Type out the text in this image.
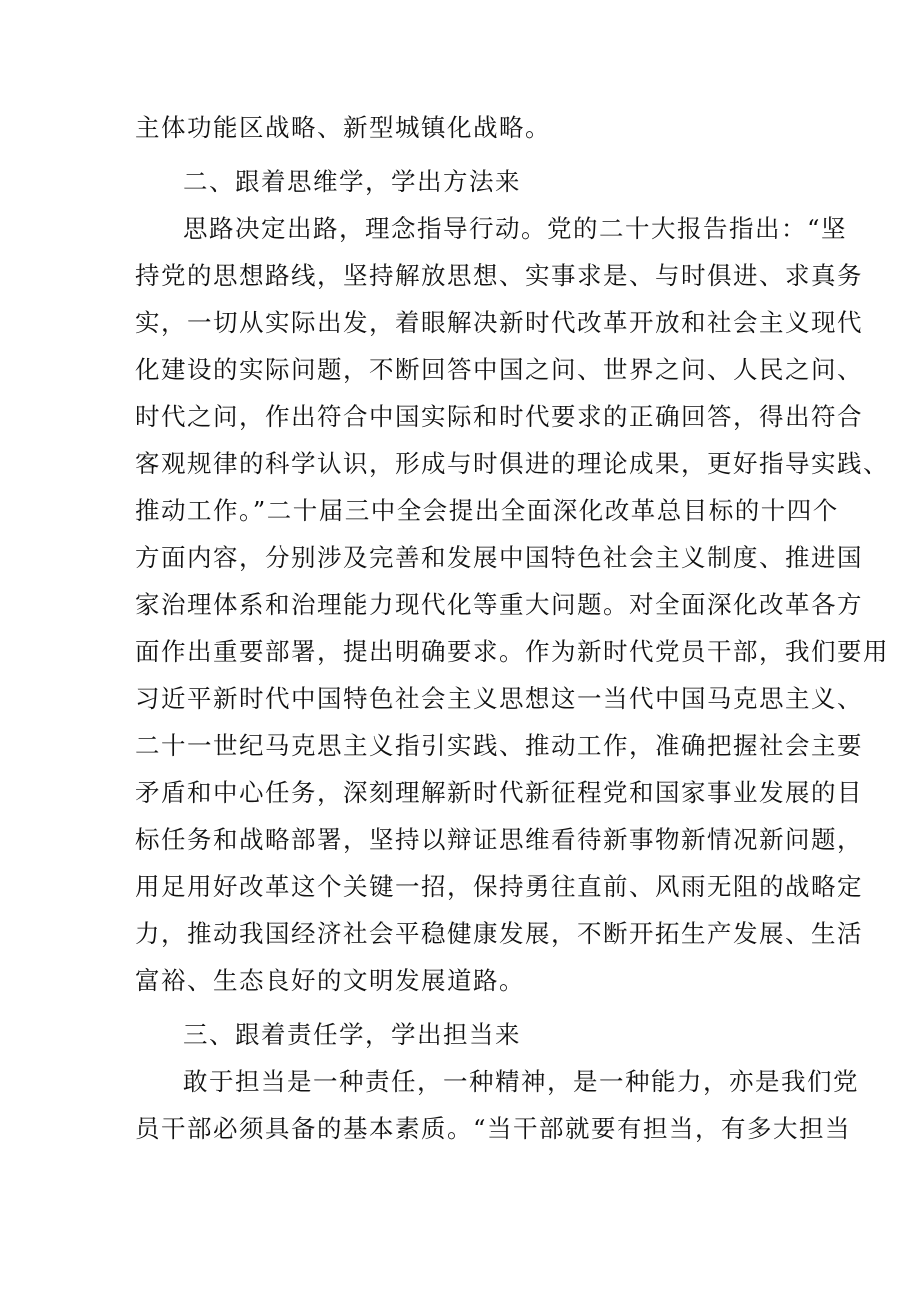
主体功能区战略、新型城镇化战略。
二、跟着思维学，学出方法来
思路决定出路，理念指导行动。党的二十大报告指出：“坚
持党的思想路线，坚持解放思想、实事求是、与时俱进、求真务
实，一切从实际出发，着眼解决新时代改革开放和社会主义现代
化建设的实际问题，不断回答中国之问、世界之问、人民之问、
时代之问，作出符合中国实际和时代要求的正确回答，得出符合
客观规律的科学认识，形成与时俱进的理论成果，更好指导实践、
推动工作。”二十届三中全会提出全面深化改革总目标的十四个
方面内容，分别涉及完善和发展中国特色社会主义制度、推进国
家治理体系和治理能力现代化等重大问题。对全面深化改革各方
面作出重要部署，提出明确要求。作为新时代党员干部，我们要用
习近平新时代中国特色社会主义思想这一当代中国马克思主义、
二十一世纪马克思主义指引实践、推动工作，准确把握社会主要
矛盾和中心任务，深刻理解新时代新征程党和国家事业发展的目
标任务和战略部署，坚持以辩证思维看待新事物新情况新问题，
用足用好改革这个关键一招，保持勇往直前、风雨无阻的战略定
力，推动我国经济社会平稳健康发展，不断开拓生产发展、生活
富裕、生态良好的文明发展道路。
三、跟着责任学，学出担当来
敢于担当是一种责任，一种精神，是一种能力，亦是我们党
员干部必须具备的基本素质。“当干部就要有担当，有多大担当
